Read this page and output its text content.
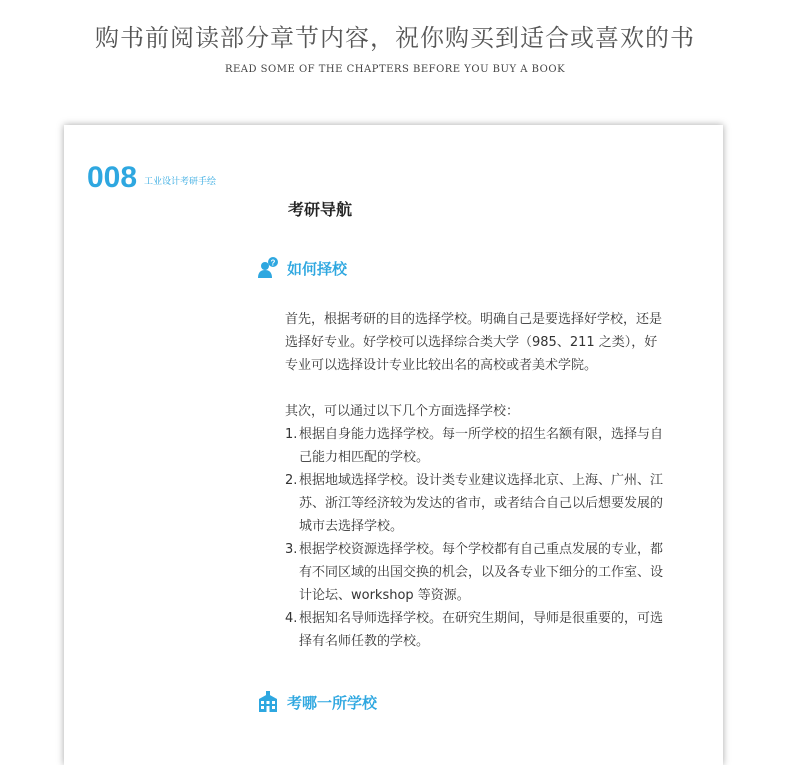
购书前阅读部分章节内容，祝你购买到适合或喜欢的书
READ SOME OF THE CHAPTERS BEFORE YOU BUY A BOOK
008 工业设计考研手绘
考研导航
? 如何择校

首先，根据考研的目的选择学校。明确自己是要选择好学校，还是

选择好专业。好学校可以选择综合类大学（985、211 之类），好

专业可以选择设计专业比较出名的高校或者美术学院。

其次，可以通过以下几个方面选择学校：

1. 根据自身能力选择学校。每一所学校的招生名额有限，选择与自
己能力相匹配的学校。
2. 根据地域选择学校。设计类专业建议选择北京、上海、广州、江
苏、浙江等经济较为发达的省市，或者结合自己以后想要发展的
城市去选择学校。
3. 根据学校资源选择学校。每个学校都有自己重点发展的专业，都
有不同区域的出国交换的机会，以及各专业下细分的工作室、设
计论坛、workshop 等资源。
4. 根据知名导师选择学校。在研究生期间，导师是很重要的，可选
择有名师任教的学校。
考哪一所学校
